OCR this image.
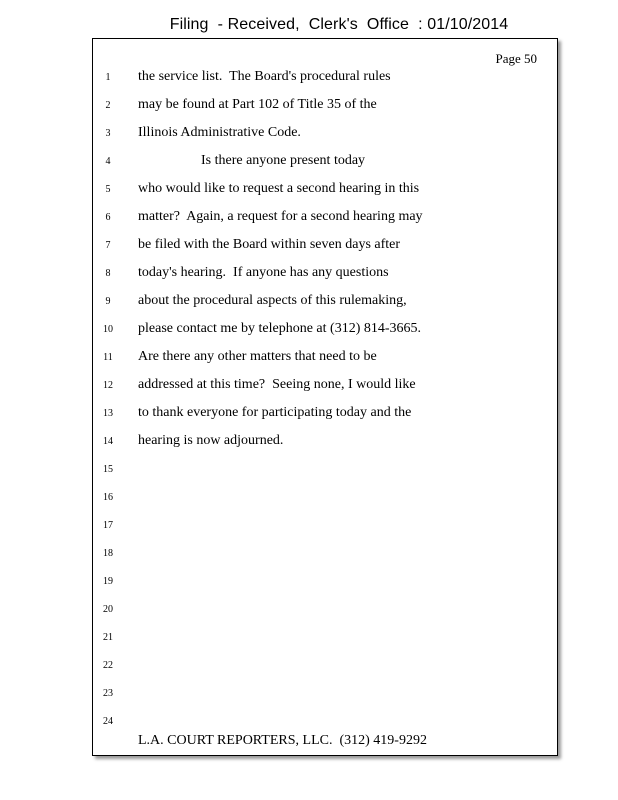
Filing  - Received,  Clerk's  Office  : 01/10/2014
Page 50
1	the service list.  The Board's procedural rules
2	may be found at Part 102 of Title 35 of the
3	Illinois Administrative Code.
4	Is there anyone present today
5	who would like to request a second hearing in this
6	matter?  Again, a request for a second hearing may
7	be filed with the Board within seven days after
8	today's hearing.  If anyone has any questions
9	about the procedural aspects of this rulemaking,
10 please contact me by telephone at (312) 814-3665.
11 Are there any other matters that need to be
12 addressed at this time?  Seeing none, I would like
13 to thank everyone for participating today and the
14 hearing is now adjourned.
15
16
17
18
19
20
21
22
23
24
L.A. COURT REPORTERS, LLC.  (312) 419-9292
